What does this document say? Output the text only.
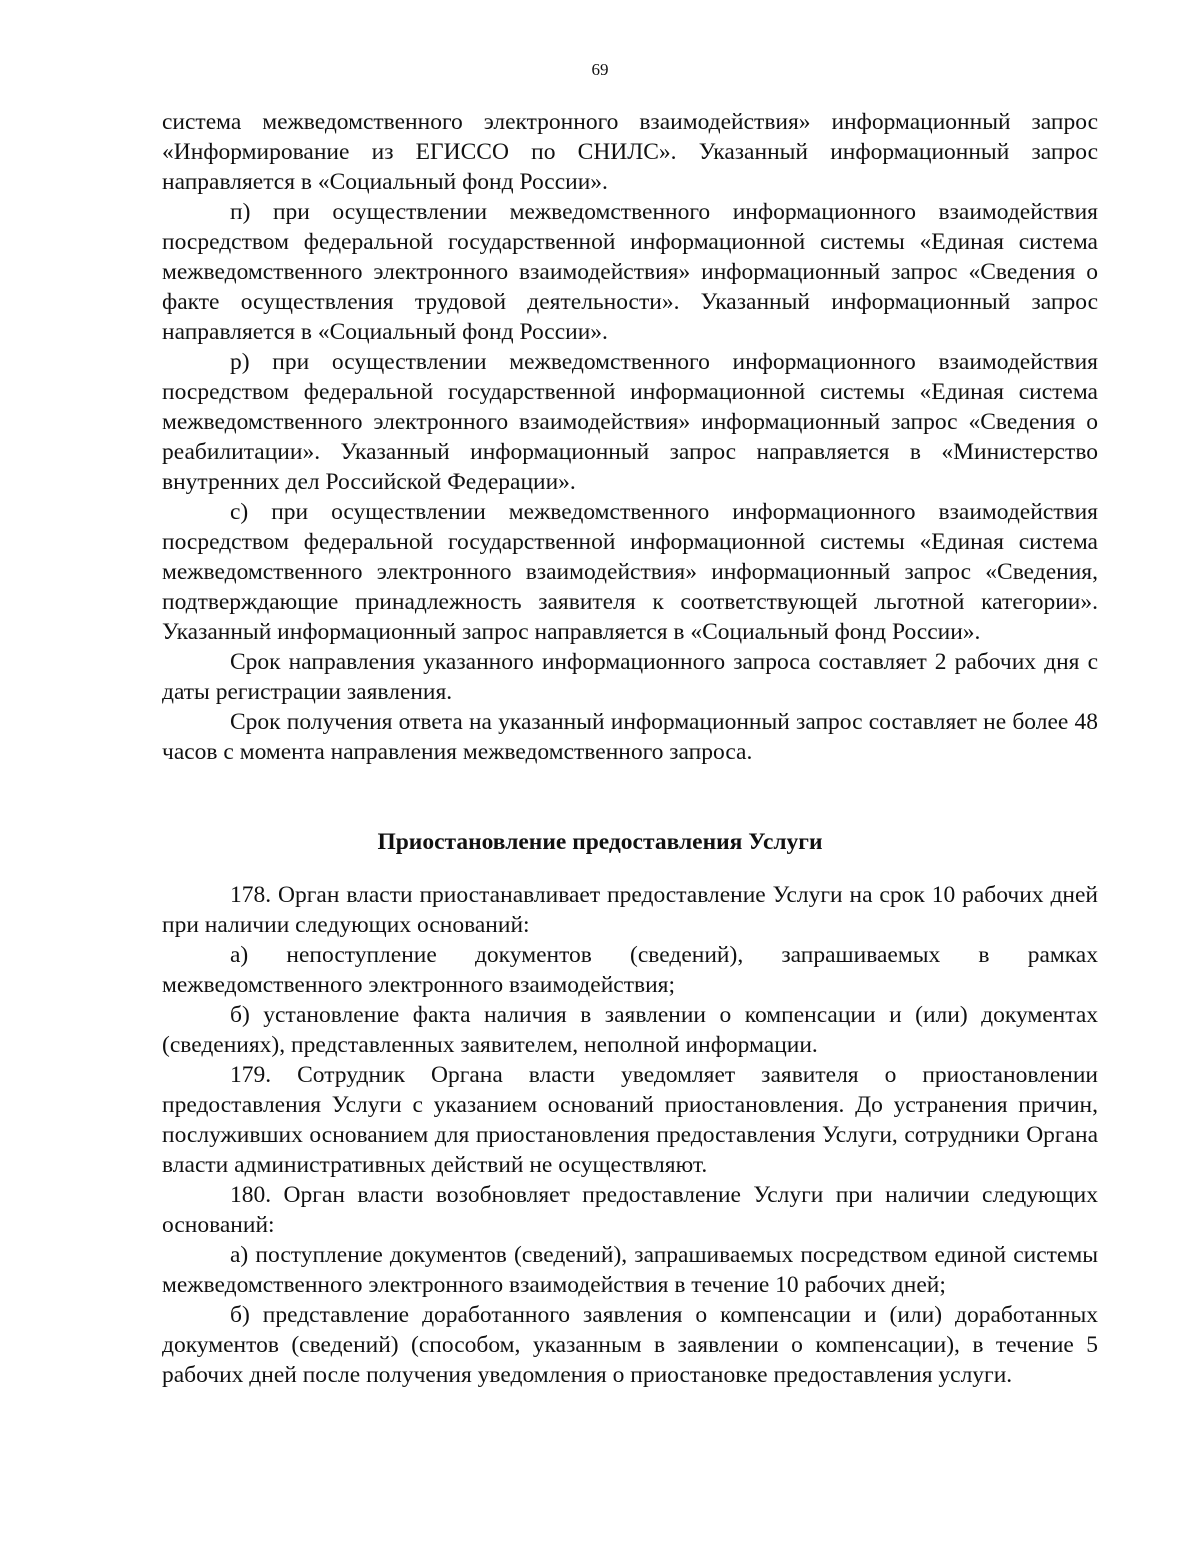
69

система межведомственного электронного взаимодействия» информационный запрос «Информирование из ЕГИССО по СНИЛС». Указанный информационный запрос направляется в «Социальный фонд России».

п) при осуществлении межведомственного информационного взаимодействия посредством федеральной государственной информационной системы «Единая система межведомственного электронного взаимодействия» информационный запрос «Сведения о факте осуществления трудовой деятельности». Указанный информационный запрос направляется в «Социальный фонд России».

р) при осуществлении межведомственного информационного взаимодействия посредством федеральной государственной информационной системы «Единая система межведомственного электронного взаимодействия» информационный запрос «Сведения о реабилитации». Указанный информационный запрос направляется в «Министерство внутренних дел Российской Федерации».

с) при осуществлении межведомственного информационного взаимодействия посредством федеральной государственной информационной системы «Единая система межведомственного электронного взаимодействия» информационный запрос «Сведения, подтверждающие принадлежность заявителя к соответствующей льготной категории». Указанный информационный запрос направляется в «Социальный фонд России».

Срок направления указанного информационного запроса составляет 2 рабочих дня с даты регистрации заявления.

Срок получения ответа на указанный информационный запрос составляет не более 48 часов с момента направления межведомственного запроса.

Приостановление предоставления Услуги

178. Орган власти приостанавливает предоставление Услуги на срок 10 рабочих дней при наличии следующих оснований:

а) непоступление документов (сведений), запрашиваемых в рамках межведомственного электронного взаимодействия;

б) установление факта наличия в заявлении о компенсации и (или) документах (сведениях), представленных заявителем, неполной информации.

179. Сотрудник Органа власти уведомляет заявителя о приостановлении предоставления Услуги с указанием оснований приостановления. До устранения причин, послуживших основанием для приостановления предоставления Услуги, сотрудники Органа власти административных действий не осуществляют.

180. Орган власти возобновляет предоставление Услуги при наличии следующих оснований:

а) поступление документов (сведений), запрашиваемых посредством единой системы межведомственного электронного взаимодействия в течение 10 рабочих дней;

б) представление доработанного заявления о компенсации и (или) доработанных документов (сведений) (способом, указанным в заявлении о компенсации), в течение 5 рабочих дней после получения уведомления о приостановке предоставления услуги.
